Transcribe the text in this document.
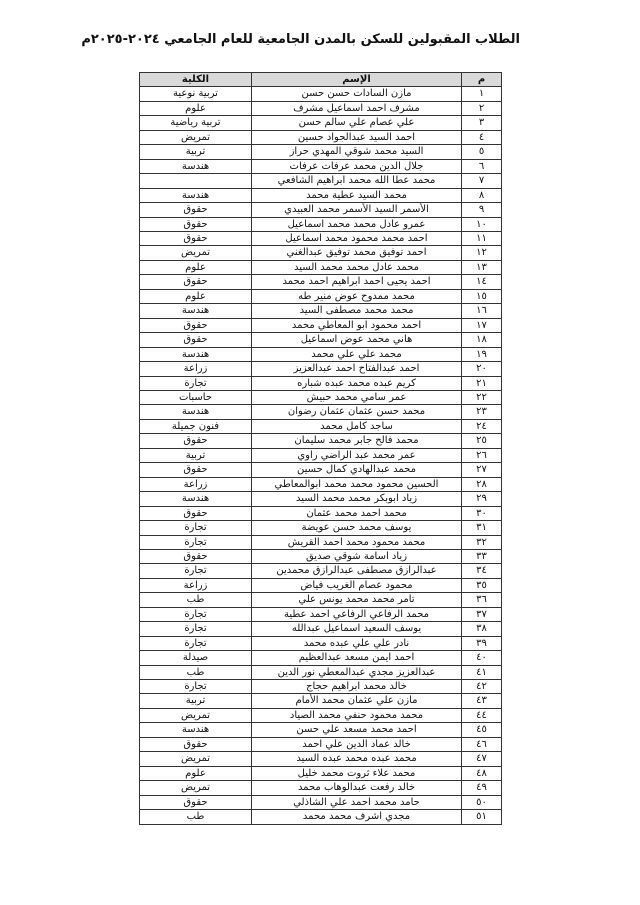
الطلاب المقبولين للسكن بالمدن الجامعية للعام الجامعي ٢٠٢٤-٢٠٢٥م
م	الإسم	الكلية
١	مازن السادات حسن حسن	تربية نوعية
٢	مشرف احمد اسماعيل مشرف	علوم
٣	علي عصام علي سالم حسن	تربية رياضية
٤	احمد السيد عبدالجواد حسين	تمريض
٥	السيد محمد شوقي المهدي حراز	تربية
٦	جلال الدين محمد عرفات عرفات	هندسة
٧	محمد عطا الله محمد ابراهيم الشافعي	
٨	محمد السيد عطية محمد	هندسة
٩	الأسمر السيد الأسمر محمد العبيدي	حقوق
١٠	عمرو عادل محمد محمد اسماعيل	حقوق
١١	احمد محمد محمود محمد اسماعيل	حقوق
١٢	احمد توفيق محمد توفيق عبدالغني	تمريض
١٣	محمد عادل محمد محمد السيد	علوم
١٤	احمد يحيى احمد ابراهيم احمد محمد	حقوق
١٥	محمد ممدوح عوض منير طه	علوم
١٦	محمد محمد مصطفى السيد	هندسة
١٧	احمد محمود ابو المعاطي محمد	حقوق
١٨	هاني محمد عوض اسماعيل	حقوق
١٩	محمد علي علي محمد	هندسة
٢٠	احمد عبدالفتاح احمد عبدالعزيز	زراعة
٢١	كريم عبده محمد عبده شباره	تجارة
٢٢	عمر سامي محمد حبيش	حاسبات
٢٣	محمد حسن عثمان عثمان رضوان	هندسة
٢٤	ساجد كامل محمد	فنون جميلة
٢٥	محمد فالح جابر محمد سليمان	حقوق
٢٦	عمر محمد عبد الراضي راوي	تربية
٢٧	محمد عبدالهادي كمال حسين	حقوق
٢٨	الحسين محمود محمد محمد ابوالمعاطي	زراعة
٢٩	زياد ابوبكر محمد محمد السيد	هندسة
٣٠	محمد احمد محمد عثمان	حقوق
٣١	يوسف محمد حسن عويضة	تجارة
٣٢	محمد محمود محمد احمد القريش	تجارة
٣٣	زياد اسامة شوقي صديق	حقوق
٣٤	عبدالرازق مصطفى عبدالرازق محمدين	تجارة
٣٥	محمود عصام الغريب فياض	زراعة
٣٦	تامر محمد محمد يونس علي	طب
٣٧	محمد الرفاعي الرفاعي احمد عطية	تجارة
٣٨	يوسف السعيد اسماعيل عبدالله	تجارة
٣٩	نادر علي علي عبده محمد	تجارة
٤٠	احمد ايمن مسعد عبدالعظيم	صيدلة
٤١	عبدالعزيز مجدي عبدالمعطي نور الدين	طب
٤٢	خالد محمد ابراهيم حجاج	تجارة
٤٣	مازن علي عثمان محمد الأمام	تربية
٤٤	محمد محمود حنفي محمد الصياد	تمريض
٤٥	احمد محمد مسعد علي حسن	هندسة
٤٦	خالد عماد الدين علي احمد	حقوق
٤٧	محمد عبده محمد عبده السيد	تمريض
٤٨	محمد علاء ثروت محمد خليل	علوم
٤٩	خالد رفعت عبدالوهاب محمد	تمريض
٥٠	حامد محمد احمد علي الشاذلي	حقوق
٥١	مجدي اشرف محمد محمد	طب
